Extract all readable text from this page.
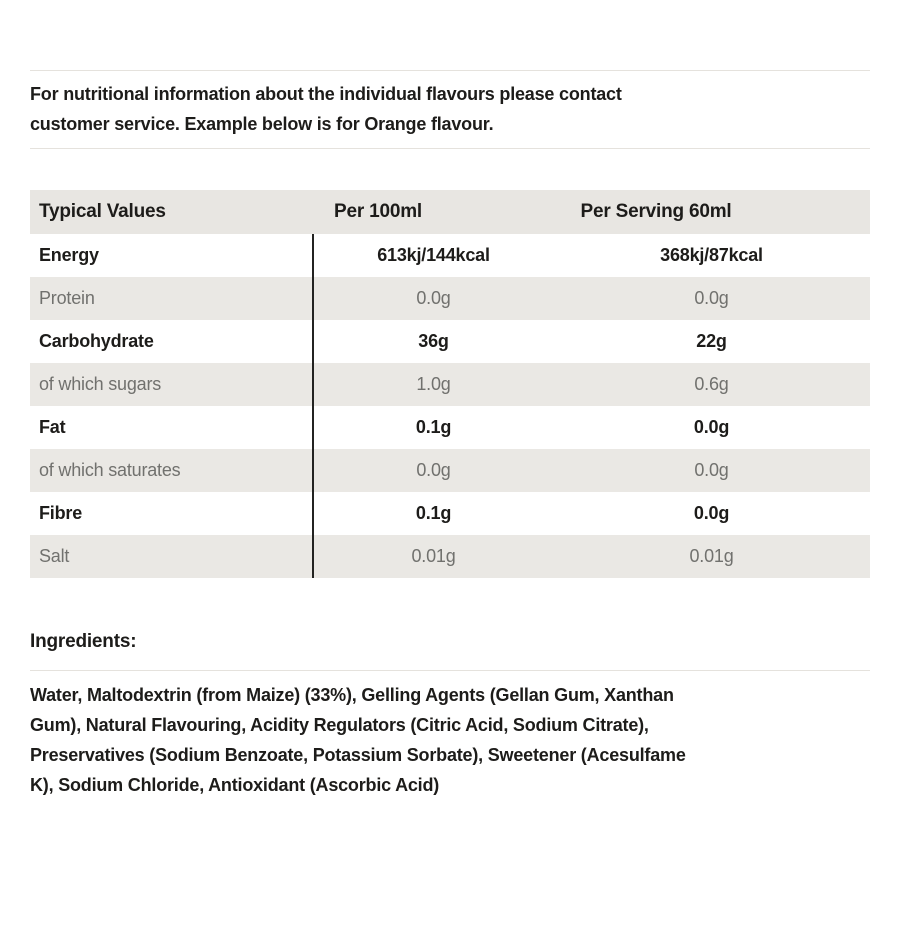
For nutritional information about the individual flavours please contact
customer service. Example below is for Orange flavour.
Typical Values	Per 100ml	Per Serving 60ml
Energy	613kj/144kcal	368kj/87kcal
Protein	0.0g	0.0g
Carbohydrate	36g	22g
of which sugars	1.0g	0.6g
Fat	0.1g	0.0g
of which saturates	0.0g	0.0g
Fibre	0.1g	0.0g
Salt	0.01g	0.01g
Ingredients:
Water, Maltodextrin (from Maize) (33%), Gelling Agents (Gellan Gum, Xanthan
Gum), Natural Flavouring, Acidity Regulators (Citric Acid, Sodium Citrate),
Preservatives (Sodium Benzoate, Potassium Sorbate), Sweetener (Acesulfame
K), Sodium Chloride, Antioxidant (Ascorbic Acid)
